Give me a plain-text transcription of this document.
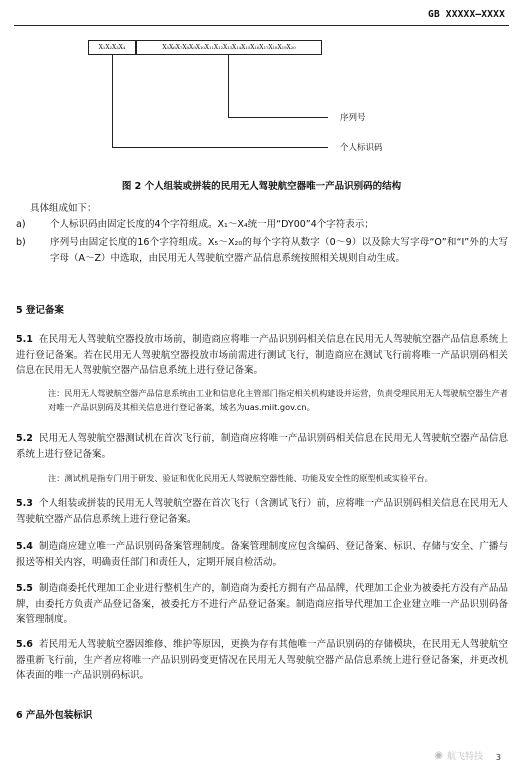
GB XXXXX—XXXX
X₁X₂X₃X₄	X₅X₆X₇X₈X₉X₁₀X₁₁X₁₂X₁₃X₁₄X₁₅X₁₆X₁₇X₁₈X₁₉X₂₀
序列号
个人标识码
图 2 个人组装或拼装的民用无人驾驶航空器唯一产品识别码的结构
具体组成如下：
a)	个人标识码由固定长度的4个字符组成。X₁～X₄统一用“DY00”4个字符表示；
b)	序列号由固定长度的16个字符组成。X₅～X₂₀的每个字符从数字（0～9）以及除大写字母“O”和“I”外的大写字母（A～Z）中选取，由民用无人驾驶航空器产品信息系统按照相关规则自动生成。
5 登记备案
5.1 在民用无人驾驶航空器投放市场前，制造商应将唯一产品识别码相关信息在民用无人驾驶航空器产品信息系统上进行登记备案。若在民用无人驾驶航空器投放市场前需进行测试飞行，制造商应在测试飞行前将唯一产品识别码相关信息在民用无人驾驶航空器产品信息系统上进行登记备案。
注：民用无人驾驶航空器产品信息系统由工业和信息化主管部门指定相关机构建设并运营，负责受理民用无人驾驶航空器生产者对唯一产品识别码及其相关信息进行登记备案，域名为uas.miit.gov.cn。
5.2 民用无人驾驶航空器测试机在首次飞行前，制造商应将唯一产品识别码相关信息在民用无人驾驶航空器产品信息系统上进行登记备案。
注：测试机是指专门用于研发、验证和优化民用无人驾驶航空器性能、功能及安全性的原型机或实验平台。
5.3 个人组装或拼装的民用无人驾驶航空器在首次飞行（含测试飞行）前，应将唯一产品识别码相关信息在民用无人驾驶航空器产品信息系统上进行登记备案。
5.4 制造商应建立唯一产品识别码备案管理制度。备案管理制度应包含编码、登记备案、标识、存储与安全、广播与报送等相关内容，明确责任部门和责任人，定期开展自检活动。
5.5 制造商委托代理加工企业进行整机生产的，制造商为委托方拥有产品品牌，代理加工企业为被委托方没有产品品牌，由委托方负责产品登记备案，被委托方不进行产品登记备案。制造商应指导代理加工企业建立唯一产品识别码备案管理制度。
5.6 若民用无人驾驶航空器因维修、维护等原因，更换为存有其他唯一产品识别码的存储模块，在民用无人驾驶航空器重新飞行前，生产者应将唯一产品识别码变更情况在民用无人驾驶航空器产品信息系统上进行登记备案，并更改机体表面的唯一产品识别码标识。
6 产品外包装标识
◉ 航飞特技 3
